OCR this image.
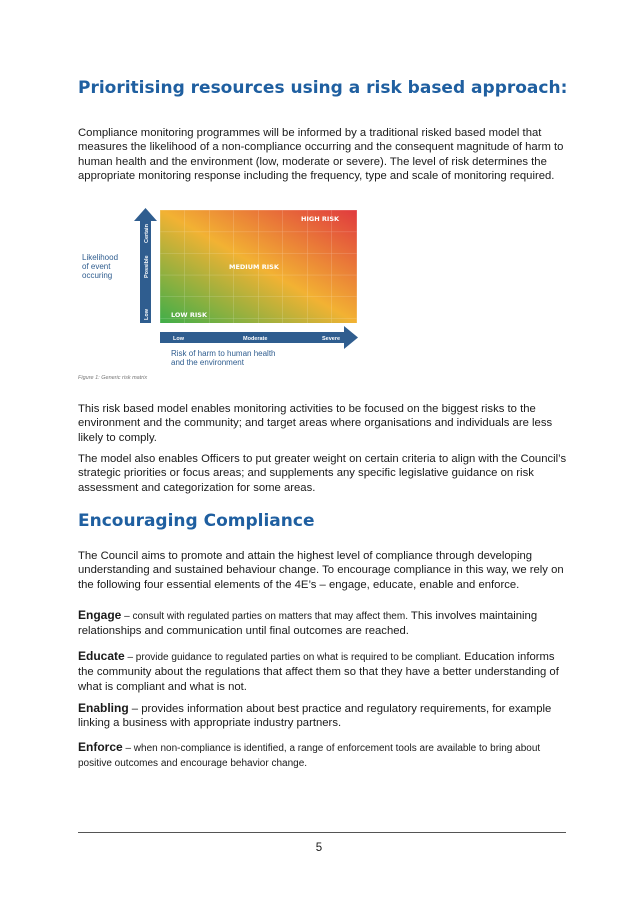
Prioritising resources using a risk based approach:

Compliance monitoring programmes will be informed by a traditional risked based model that measures the likelihood of a non-compliance occurring and the consequent magnitude of harm to human health and the environment (low, moderate or severe). The level of risk determines the appropriate monitoring response including the frequency, type and scale of monitoring required.

Certain
Possible
Low
Likelihood
of event
occuring
HIGH RISK
MEDIUM RISK
LOW RISK
Low	Moderate	Severe
Risk of harm to human health
and the environment
Figure 1: Generic risk matrix

This risk based model enables monitoring activities to be focused on the biggest risks to the environment and the community; and target areas where organisations and individuals are less likely to comply.

The model also enables Officers to put greater weight on certain criteria to align with the Council’s strategic priorities or focus areas; and supplements any specific legislative guidance on risk assessment and categorization for some areas.

Encouraging Compliance

The Council aims to promote and attain the highest level of compliance through developing understanding and sustained behaviour change. To encourage compliance in this way, we rely on the following four essential elements of the 4E’s – engage, educate, enable and enforce.

Engage – consult with regulated parties on matters that may affect them. This involves maintaining relationships and communication until final outcomes are reached.

Educate – provide guidance to regulated parties on what is required to be compliant. Education informs the community about the regulations that affect them so that they have a better understanding of what is compliant and what is not.

Enabling – provides information about best practice and regulatory requirements, for example linking a business with appropriate industry partners.

Enforce – when non-compliance is identified, a range of enforcement tools are available to bring about positive outcomes and encourage behavior change.

5
